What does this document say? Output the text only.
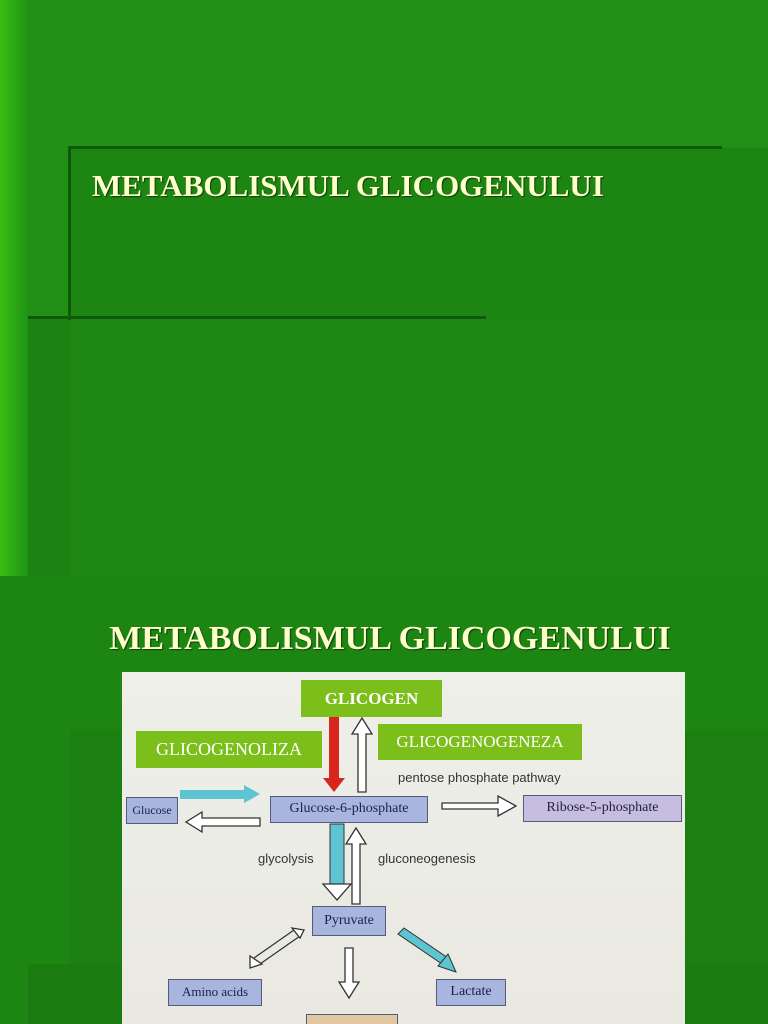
METABOLISMUL GLICOGENULUI
METABOLISMUL GLICOGENULUI
Glucose	Glucose-6-phosphate	Ribose-5-phosphate
Pyruvate
Amino acids	Lactate
pentose phosphate pathway
glycolysis	gluconeogenesis
GLICOGEN
GLICOGENOLIZA	GLICOGENOGENEZA
